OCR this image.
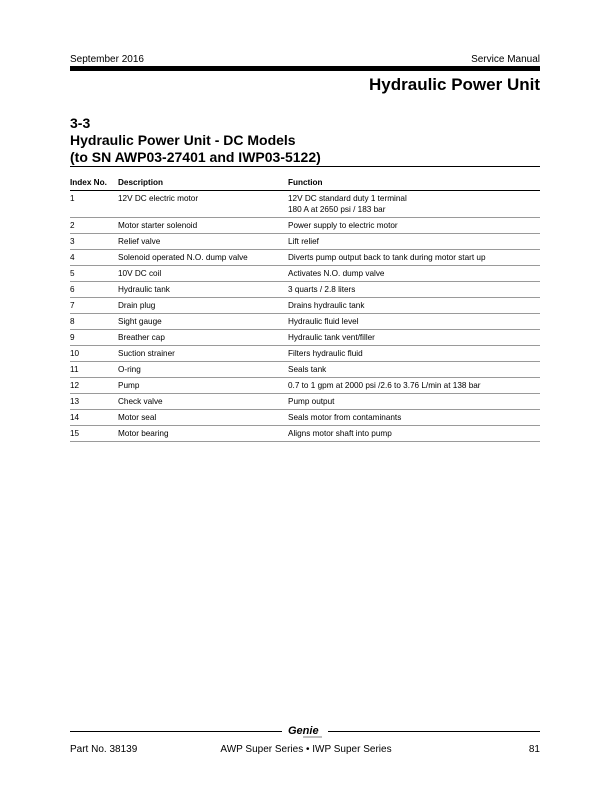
September 2016	Service Manual
Hydraulic Power Unit
3-3
Hydraulic Power Unit - DC Models
(to SN AWP03-27401 and IWP03-5122)
Index No.	Description	Function
1	12V DC electric motor	12V DC standard duty 1 terminal
180 A at 2650 psi / 183 bar

2	Motor starter solenoid	Power supply to electric motor
3	Relief valve	Lift relief
4	Solenoid operated N.O. dump valve	Diverts pump output back to tank during motor start up
5	10V DC coil	Activates N.O. dump valve
6	Hydraulic tank	3 quarts / 2.8 liters
7	Drain plug	Drains hydraulic tank
8	Sight gauge	Hydraulic fluid level
9	Breather cap	Hydraulic tank vent/filler
10	Suction strainer	Filters hydraulic fluid
11	O-ring	Seals tank
12	Pump	0.7 to 1 gpm at 2000 psi /2.6 to 3.76 L/min at 138 bar
13	Check valve	Pump output
14	Motor seal	Seals motor from contaminants
15	Motor bearing	Aligns motor shaft into pump
Genie
Part No. 38139	AWP Super Series • IWP Super Series	81
